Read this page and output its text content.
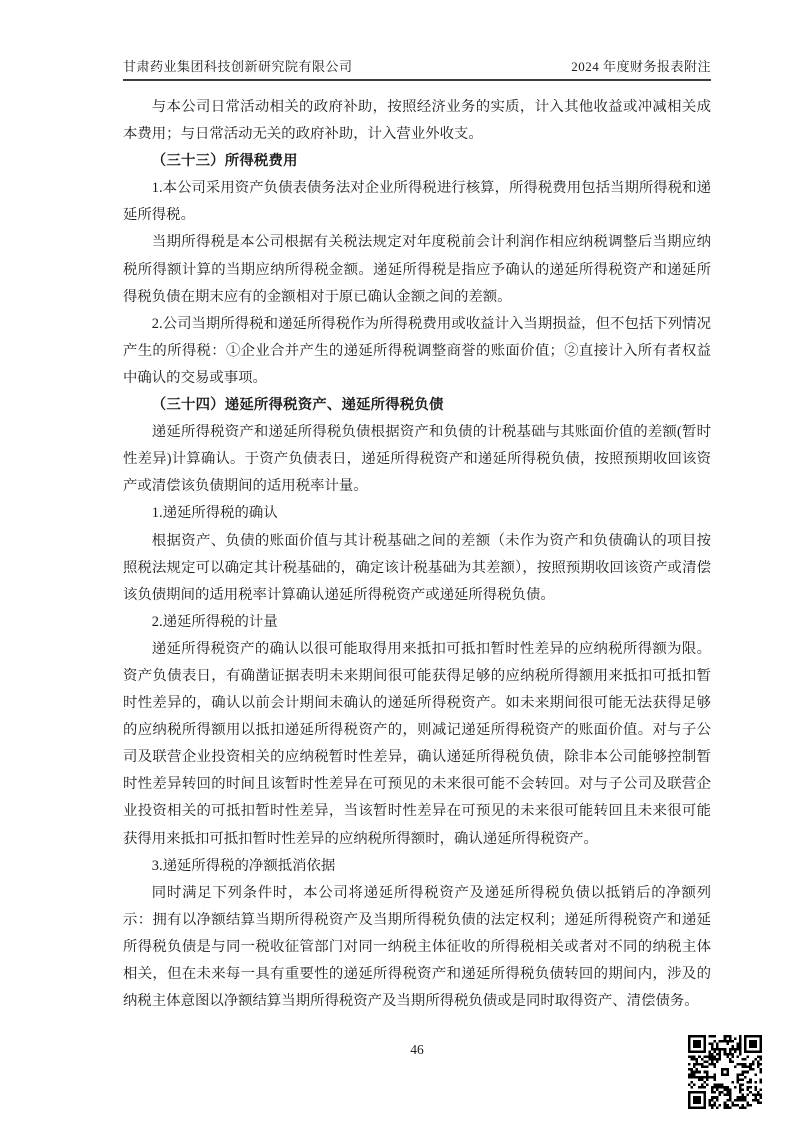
甘肃药业集团科技创新研究院有限公司	2024 年度财务报表附注

与本公司日常活动相关的政府补助，按照经济业务的实质，计入其他收益或冲减相关成本费用；与日常活动无关的政府补助，计入营业外收支。

（三十三）所得税费用

1.本公司采用资产负债表债务法对企业所得税进行核算，所得税费用包括当期所得税和递延所得税。

当期所得税是本公司根据有关税法规定对年度税前会计利润作相应纳税调整后当期应纳税所得额计算的当期应纳所得税金额。递延所得税是指应予确认的递延所得税资产和递延所得税负债在期末应有的金额相对于原已确认金额之间的差额。

2.公司当期所得税和递延所得税作为所得税费用或收益计入当期损益，但不包括下列情况产生的所得税：①企业合并产生的递延所得税调整商誉的账面价值；②直接计入所有者权益中确认的交易或事项。

（三十四）递延所得税资产、递延所得税负债

递延所得税资产和递延所得税负债根据资产和负债的计税基础与其账面价值的差额(暂时性差异)计算确认。于资产负债表日，递延所得税资产和递延所得税负债，按照预期收回该资产或清偿该负债期间的适用税率计量。

1.递延所得税的确认

根据资产、负债的账面价值与其计税基础之间的差额（未作为资产和负债确认的项目按照税法规定可以确定其计税基础的，确定该计税基础为其差额），按照预期收回该资产或清偿该负债期间的适用税率计算确认递延所得税资产或递延所得税负债。

2.递延所得税的计量

递延所得税资产的确认以很可能取得用来抵扣可抵扣暂时性差异的应纳税所得额为限。资产负债表日，有确凿证据表明未来期间很可能获得足够的应纳税所得额用来抵扣可抵扣暂时性差异的，确认以前会计期间未确认的递延所得税资产。如未来期间很可能无法获得足够的应纳税所得额用以抵扣递延所得税资产的，则减记递延所得税资产的账面价值。对与子公司及联营企业投资相关的应纳税暂时性差异，确认递延所得税负债，除非本公司能够控制暂时性差异转回的时间且该暂时性差异在可预见的未来很可能不会转回。对与子公司及联营企业投资相关的可抵扣暂时性差异，当该暂时性差异在可预见的未来很可能转回且未来很可能获得用来抵扣可抵扣暂时性差异的应纳税所得额时，确认递延所得税资产。

3.递延所得税的净额抵消依据

同时满足下列条件时，本公司将递延所得税资产及递延所得税负债以抵销后的净额列示：拥有以净额结算当期所得税资产及当期所得税负债的法定权利；递延所得税资产和递延所得税负债是与同一税收征管部门对同一纳税主体征收的所得税相关或者对不同的纳税主体相关，但在未来每一具有重要性的递延所得税资产和递延所得税负债转回的期间内，涉及的纳税主体意图以净额结算当期所得税资产及当期所得税负债或是同时取得资产、清偿债务。

46
